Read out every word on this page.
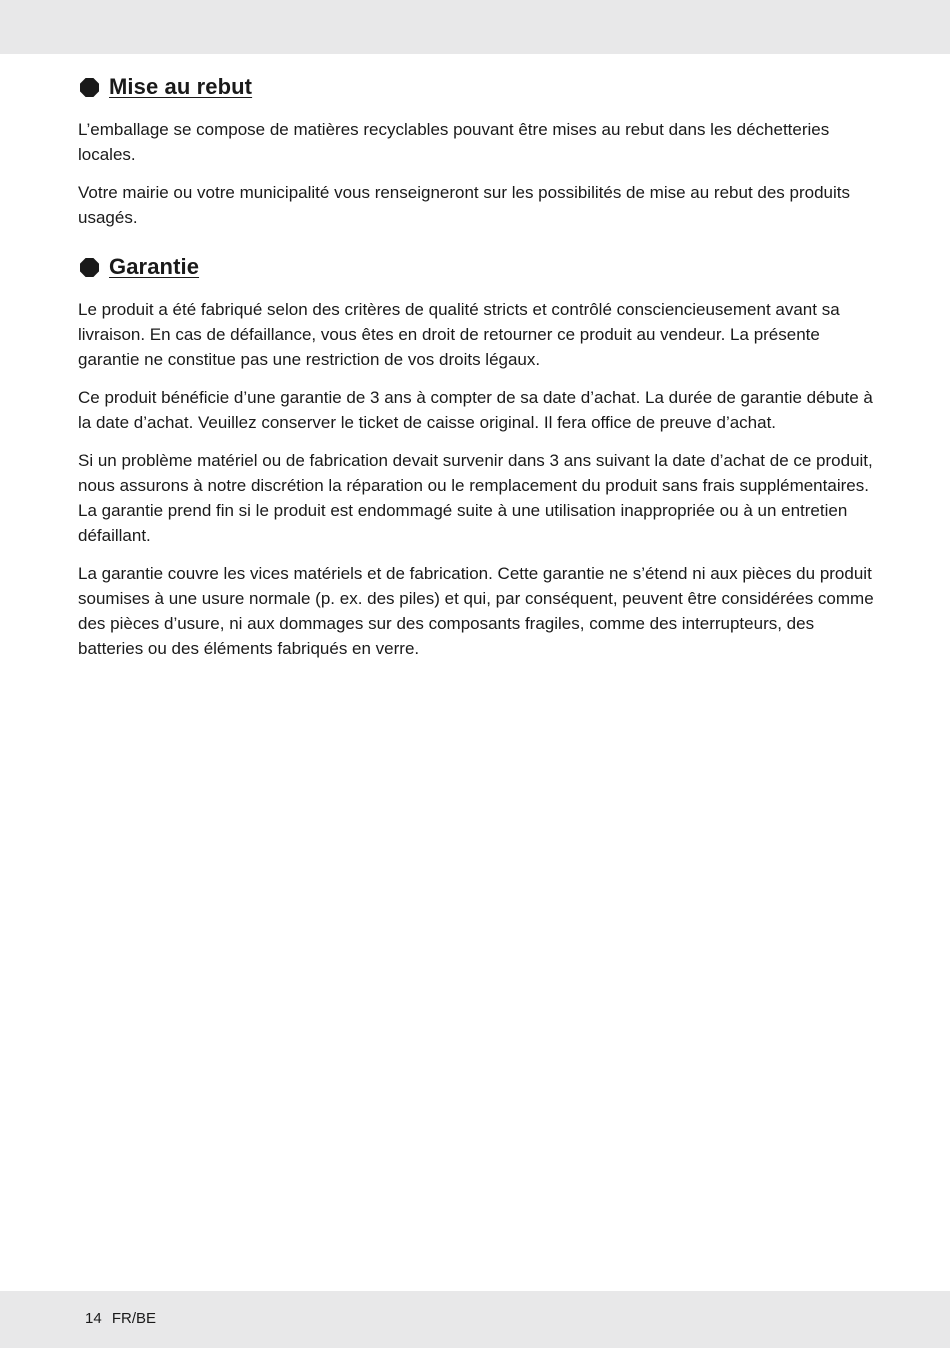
Mise au rebut

L’emballage se compose de matières recyclables pouvant être mises au rebut dans les déchetteries locales.

Votre mairie ou votre municipalité vous renseigneront sur les possibilités de mise au rebut des produits usagés.

Garantie

Le produit a été fabriqué selon des critères de qualité stricts et contrôlé consciencieusement avant sa livraison. En cas de défaillance, vous êtes en droit de retourner ce produit au vendeur. La présente garantie ne constitue pas une restriction de vos droits légaux.

Ce produit bénéficie d’une garantie de 3 ans à compter de sa date d’achat. La durée de garantie débute à la date d’achat. Veuillez conserver le ticket de caisse original. Il fera office de preuve d’achat.

Si un problème matériel ou de fabrication devait survenir dans 3 ans suivant la date d’achat de ce produit, nous assurons à notre discrétion la réparation ou le remplacement du produit sans frais supplémentaires. La garantie prend fin si le produit est endommagé suite à une utilisation inappropriée ou à un entretien défaillant.

La garantie couvre les vices matériels et de fabrication. Cette garantie ne s’étend ni aux pièces du produit soumises à une usure normale (p. ex. des piles) et qui, par conséquent, peuvent être considérées comme des pièces d’usure, ni aux dommages sur des composants fragiles, comme des interrupteurs, des batteries ou des éléments fabriqués en verre.

14 FR/BE
